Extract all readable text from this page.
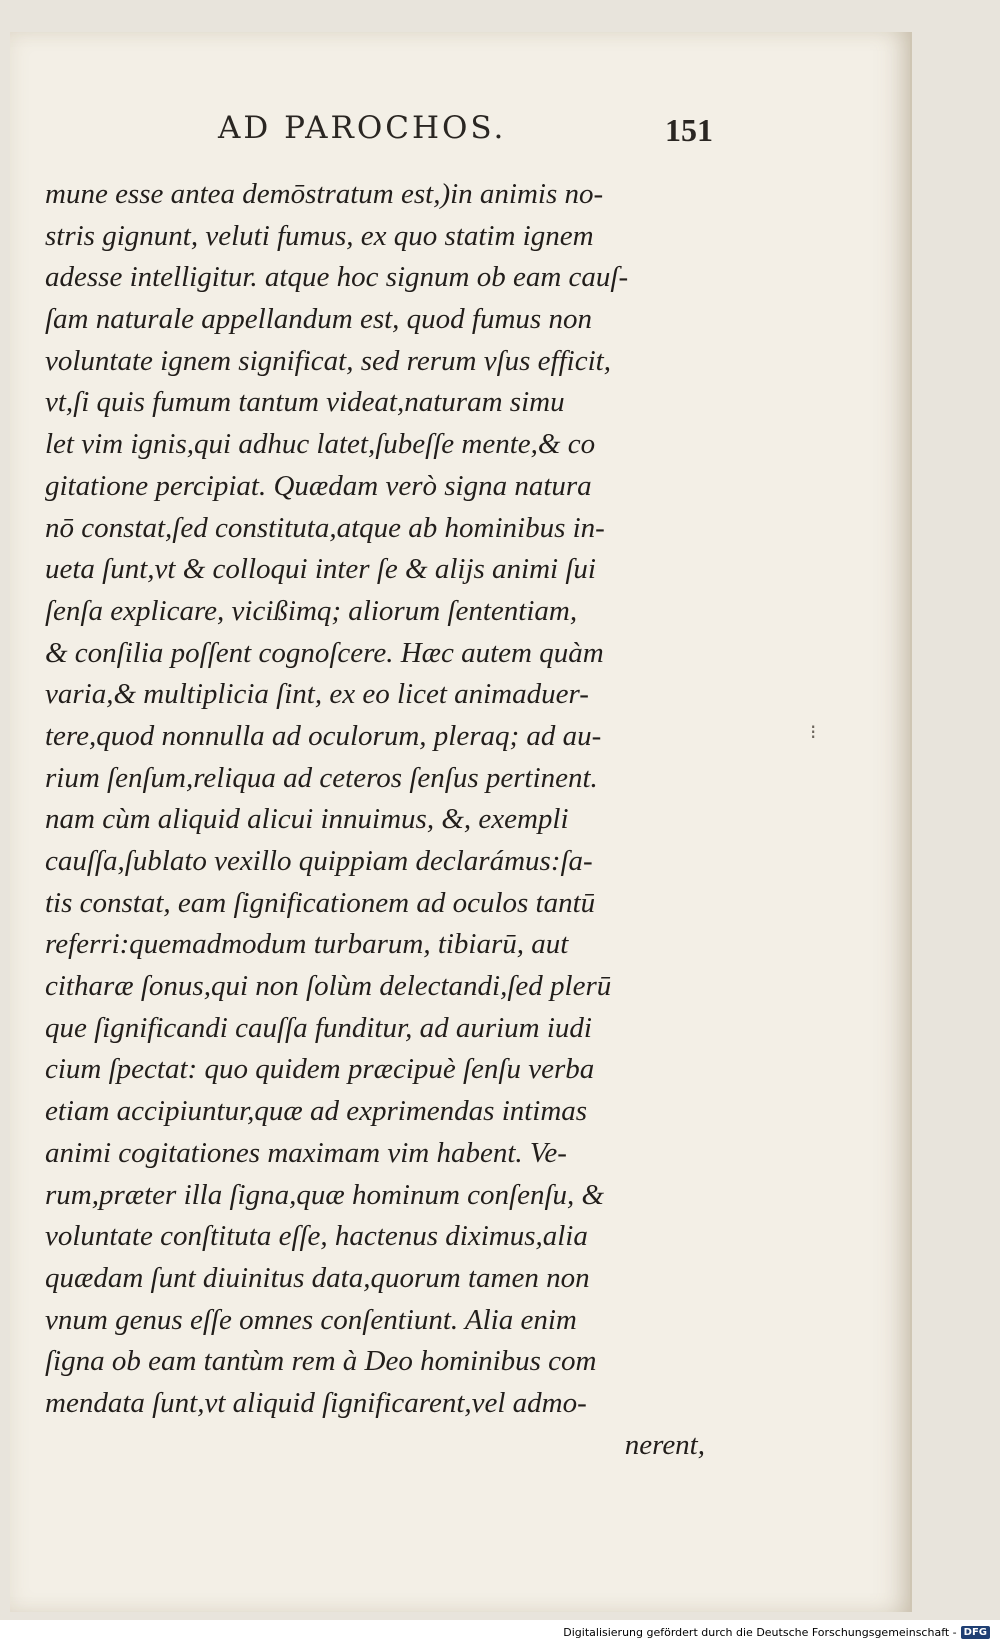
AD PAROCHOS.	151
mune esse antea demōstratum est,)in animis no-
stris gignunt, veluti fumus, ex quo statim ignem
adesse intelligitur. atque hoc signum ob eam cauſ-
ſam naturale appellandum est, quod fumus non
voluntate ignem significat, sed rerum vſus efficit,
vt,ſi quis fumum tantum videat,naturam simu
let vim ignis,qui adhuc latet,ſubeſſe mente,& co
gitatione percipiat. Quædam verò signa natura
nō constat,ſed constituta,atque ab hominibus in-
ueta ſunt,vt & colloqui inter ſe & alijs animi ſui
ſenſa explicare, vicißimq; aliorum ſententiam,
& conſilia poſſent cognoſcere. Hæc autem quàm
varia,& multiplicia ſint, ex eo licet animaduer-
tere,quod nonnulla ad oculorum, pleraq; ad au-
rium ſenſum,reliqua ad ceteros ſenſus pertinent.
nam cùm aliquid alicui innuimus, &, exempli
cauſſa,ſublato vexillo quippiam declarámus:ſa-
tis constat, eam ſignificationem ad oculos tantū
referri:quemadmodum turbarum, tibiarū, aut
citharæ ſonus,qui non ſolùm delectandi,ſed plerū
que ſignificandi cauſſa funditur, ad aurium iudi
cium ſpectat: quo quidem præcipuè ſenſu verba
etiam accipiuntur,quæ ad exprimendas intimas
animi cogitationes maximam vim habent. Ve-
rum,præter illa ſigna,quæ hominum conſenſu, &
voluntate conſtituta eſſe, hactenus diximus,alia
quædam ſunt diuinitus data,quorum tamen non
vnum genus eſſe omnes conſentiunt. Alia enim
ſigna ob eam tantùm rem à Deo hominibus com
mendata ſunt,vt aliquid ſignificarent,vel admo-
nerent,
⁝
Digitalisierung gefördert durch die Deutsche Forschungsgemeinschaft - DFG
